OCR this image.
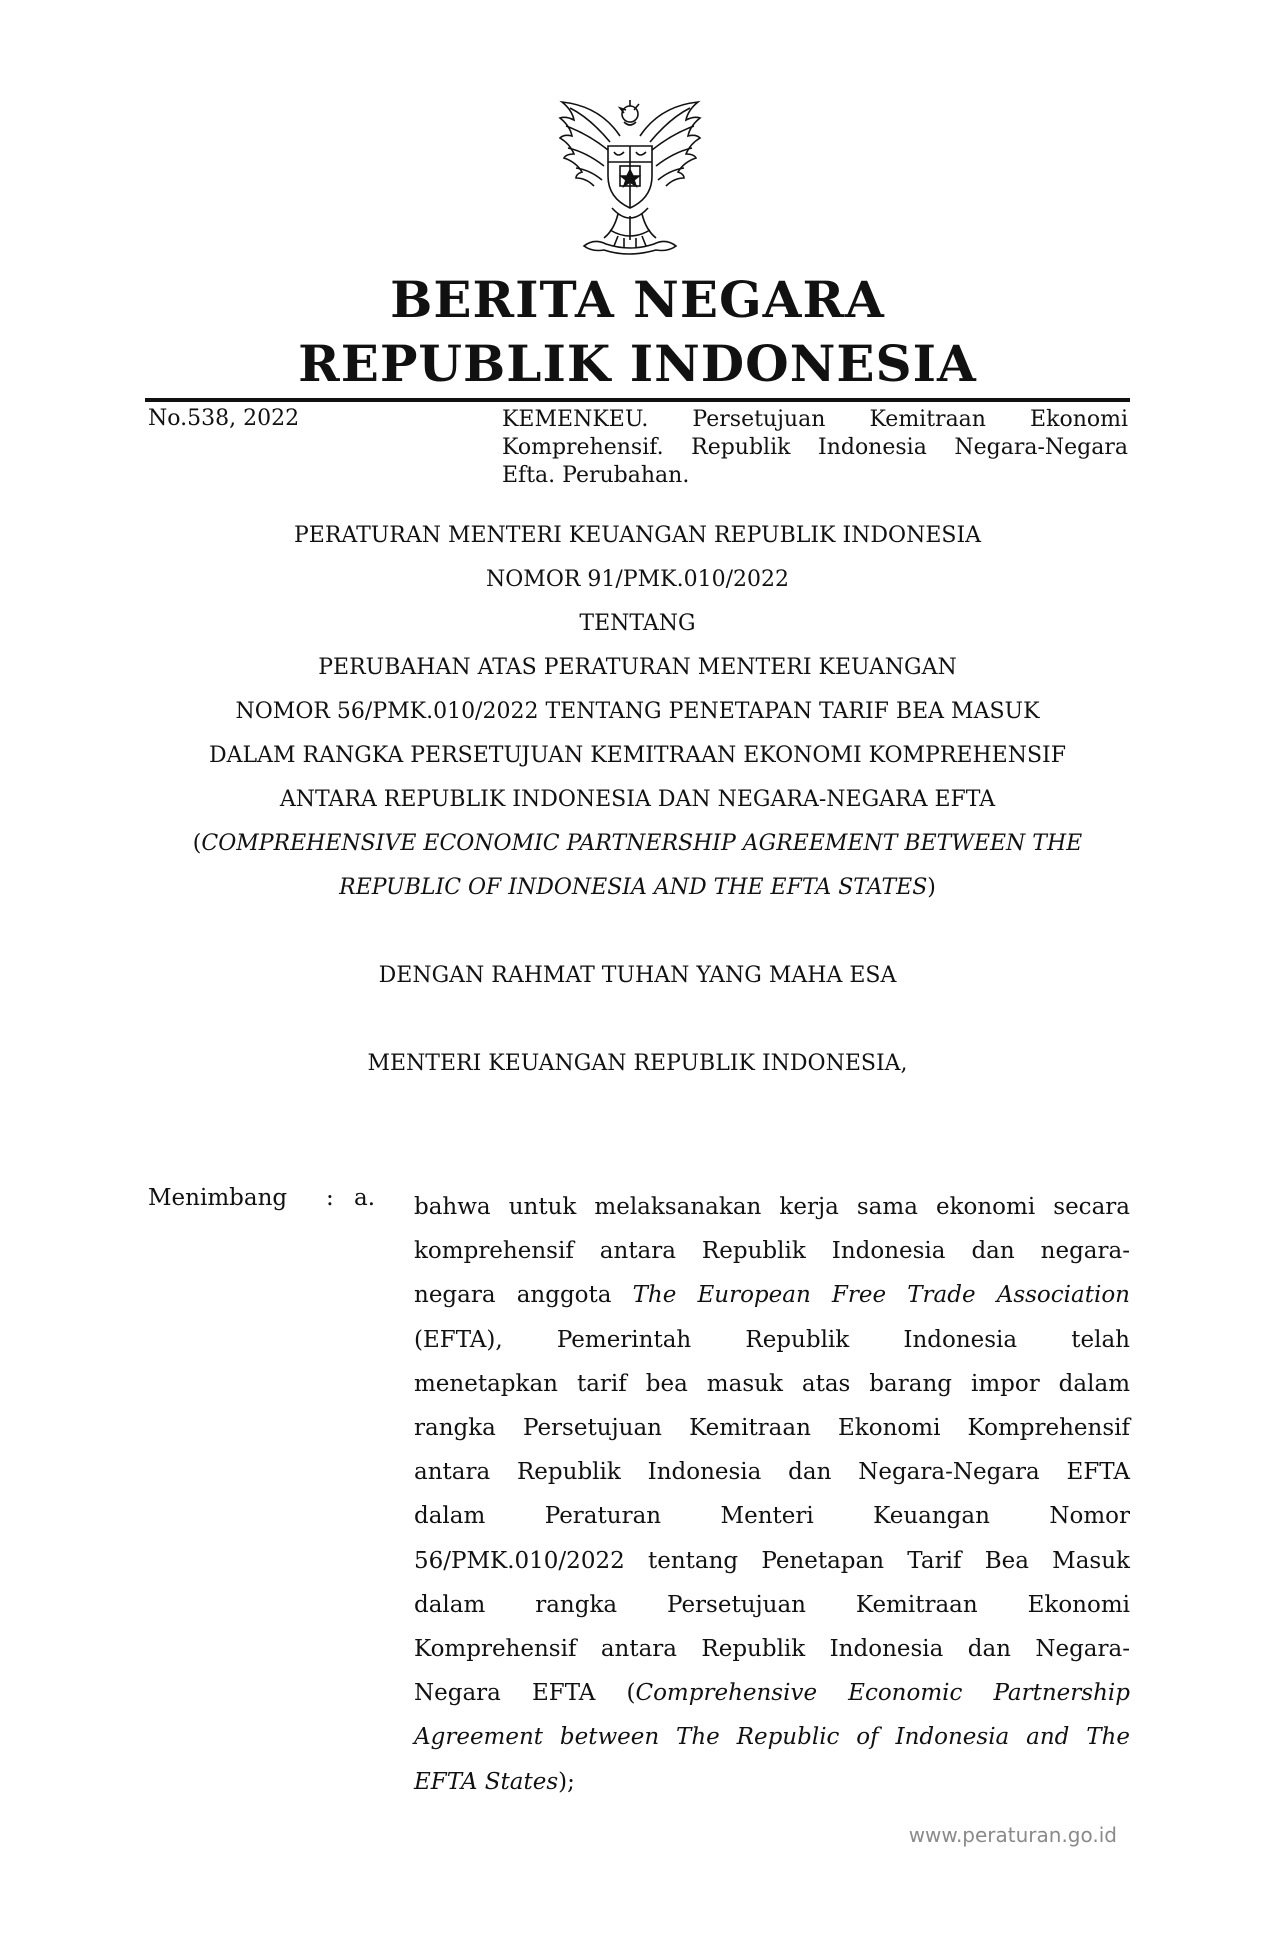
BERITA NEGARA
REPUBLIK INDONESIA
No.538, 2022	KEMENKEU. Persetujuan Kemitraan Ekonomi
Komprehensif. Republik Indonesia Negara-Negara
Efta. Perubahan.
PERATURAN MENTERI KEUANGAN REPUBLIK INDONESIA
NOMOR 91/PMK.010/2022
TENTANG
PERUBAHAN ATAS PERATURAN MENTERI KEUANGAN
NOMOR 56/PMK.010/2022 TENTANG PENETAPAN TARIF BEA MASUK
DALAM RANGKA PERSETUJUAN KEMITRAAN EKONOMI KOMPREHENSIF
ANTARA REPUBLIK INDONESIA DAN NEGARA-NEGARA EFTA
(COMPREHENSIVE ECONOMIC PARTNERSHIP AGREEMENT BETWEEN THE
REPUBLIC OF INDONESIA AND THE EFTA STATES)
DENGAN RAHMAT TUHAN YANG MAHA ESA
MENTERI KEUANGAN REPUBLIK INDONESIA,
Menimbang : a. bahwa untuk melaksanakan kerja sama ekonomi secara
komprehensif antara Republik Indonesia dan negara-
negara anggota The European Free Trade Association
(EFTA), Pemerintah Republik Indonesia telah
menetapkan tarif bea masuk atas barang impor dalam
rangka Persetujuan Kemitraan Ekonomi Komprehensif
antara Republik Indonesia dan Negara-Negara EFTA
dalam Peraturan Menteri Keuangan Nomor
56/PMK.010/2022 tentang Penetapan Tarif Bea Masuk
dalam rangka Persetujuan Kemitraan Ekonomi
Komprehensif antara Republik Indonesia dan Negara-
Negara EFTA (Comprehensive Economic Partnership
Agreement between The Republic of Indonesia and The
EFTA States);
www.peraturan.go.id
